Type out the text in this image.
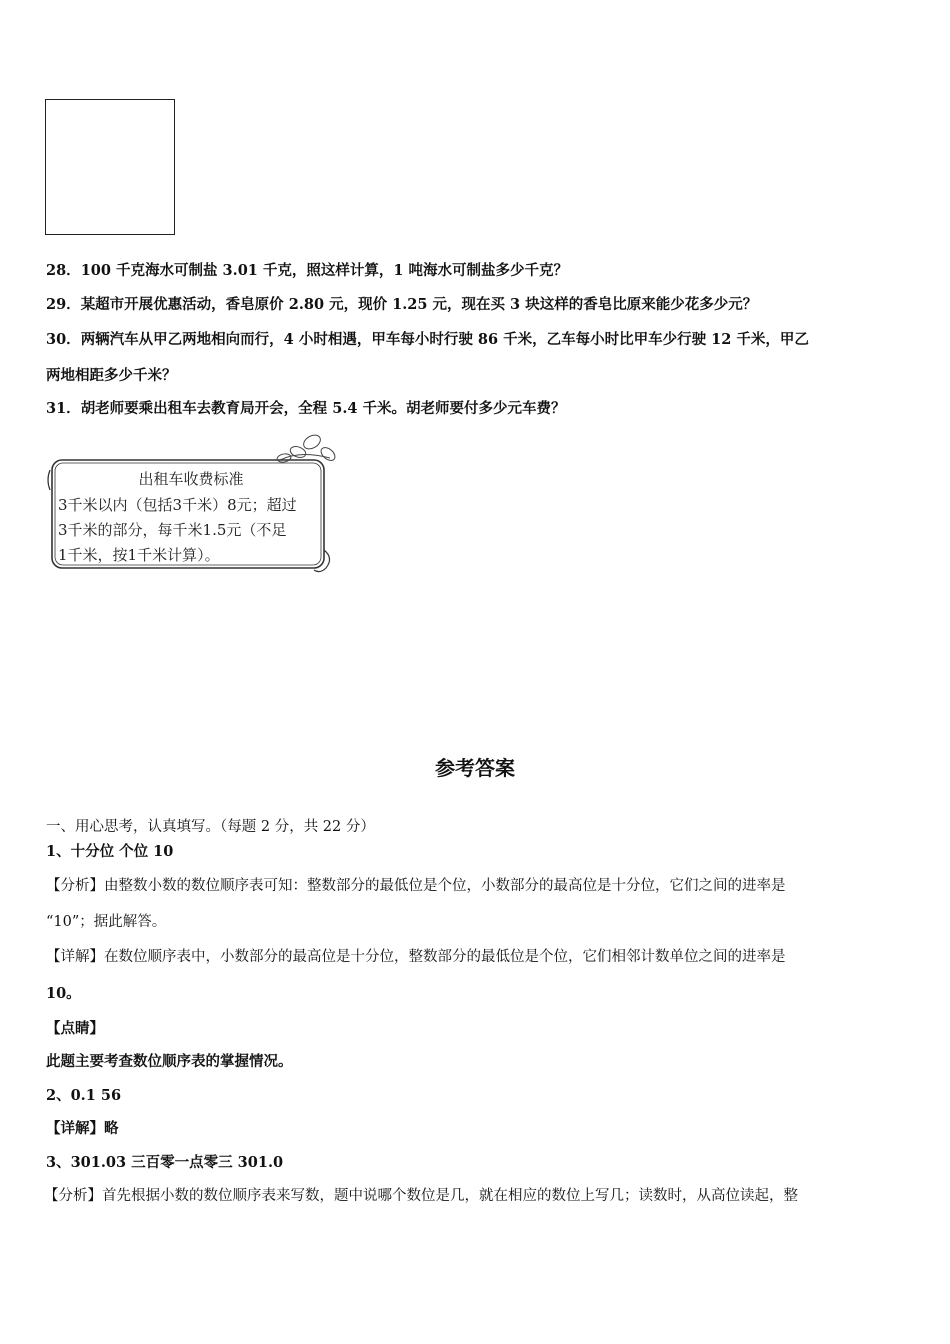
28．100 千克海水可制盐 3.01 千克，照这样计算，1 吨海水可制盐多少千克？
29．某超市开展优惠活动，香皂原价 2.80 元，现价 1.25 元，现在买 3 块这样的香皂比原来能少花多少元？
30．两辆汽车从甲乙两地相向而行，4 小时相遇，甲车每小时行驶 86 千米，乙车每小时比甲车少行驶 12 千米，甲乙
两地相距多少千米？
31．胡老师要乘出租车去教育局开会，全程 5.4 千米。胡老师要付多少元车费？
出租车收费标准
3千米以内（包括3千米）8元；超过
3千米的部分，每千米1.5元（不足
1千米，按1千米计算）。
参考答案
一、用心思考，认真填写。（每题 2 分，共 22 分）
1、十分位 个位 10
【分析】由整数小数的数位顺序表可知：整数部分的最低位是个位，小数部分的最高位是十分位，它们之间的进率是
“10”；据此解答。
【详解】在数位顺序表中，小数部分的最高位是十分位，整数部分的最低位是个位，它们相邻计数单位之间的进率是
10。
【点睛】
此题主要考查数位顺序表的掌握情况。
2、0.1 56
【详解】略
3、301.03 三百零一点零三 301.0
【分析】首先根据小数的数位顺序表来写数，题中说哪个数位是几，就在相应的数位上写几；读数时，从高位读起，整
